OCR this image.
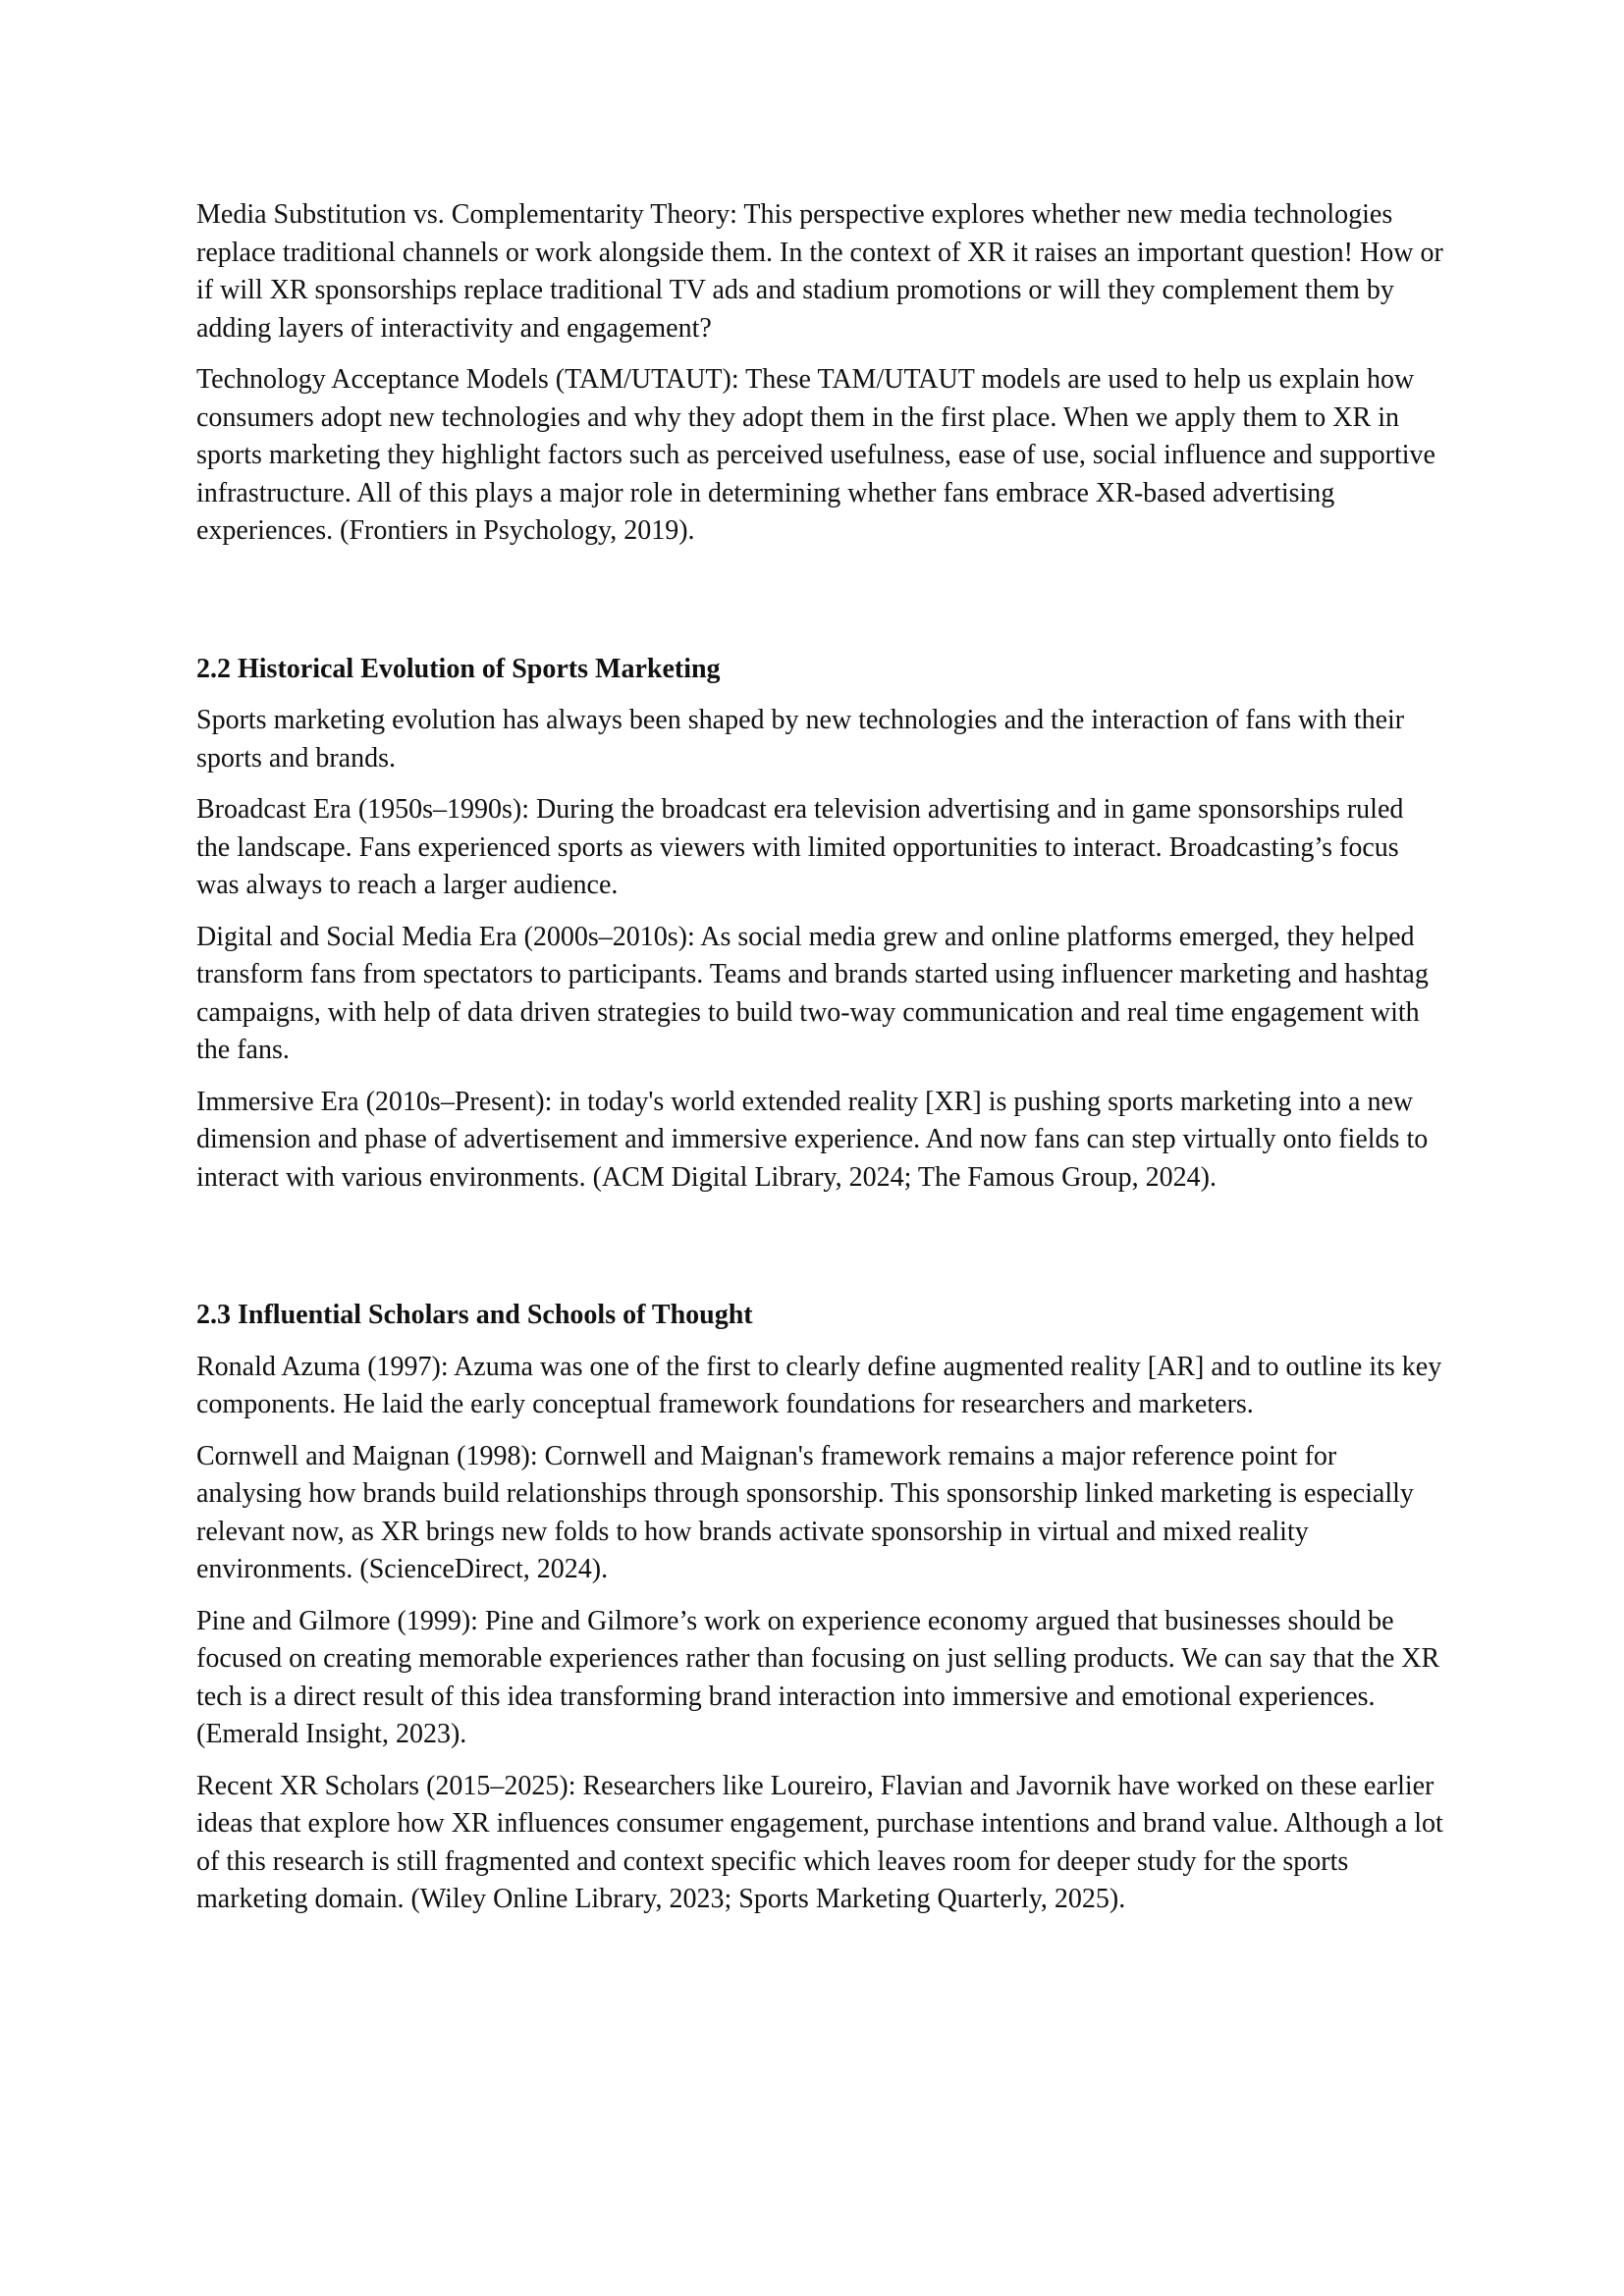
Media Substitution vs. Complementarity Theory: This perspective explores whether new media technologies replace traditional channels or work alongside them. In the context of XR it raises an important question! How or if will XR sponsorships replace traditional TV ads and stadium promotions or will they complement them by adding layers of interactivity and engagement?

Technology Acceptance Models (TAM/UTAUT): These TAM/UTAUT models are used to help us explain how consumers adopt new technologies and why they adopt them in the first place. When we apply them to XR in sports marketing they highlight factors such as perceived usefulness, ease of use, social influence and supportive infrastructure. All of this plays a major role in determining whether fans embrace XR-based advertising experiences. (Frontiers in Psychology, 2019).

2.2 Historical Evolution of Sports Marketing

Sports marketing evolution has always been shaped by new technologies and the interaction of fans with their sports and brands.

Broadcast Era (1950s–1990s): During the broadcast era television advertising and in game sponsorships ruled the landscape. Fans experienced sports as viewers with limited opportunities to interact. Broadcasting’s focus was always to reach a larger audience.

Digital and Social Media Era (2000s–2010s): As social media grew and online platforms emerged, they helped transform fans from spectators to participants. Teams and brands started using influencer marketing and hashtag campaigns, with help of data driven strategies to build two-way communication and real time engagement with the fans.

Immersive Era (2010s–Present): in today's world extended reality [XR] is pushing sports marketing into a new dimension and phase of advertisement and immersive experience. And now fans can step virtually onto fields to interact with various environments. (ACM Digital Library, 2024; The Famous Group, 2024).

2.3 Influential Scholars and Schools of Thought

Ronald Azuma (1997): Azuma was one of the first to clearly define augmented reality [AR] and to outline its key components. He laid the early conceptual framework foundations for researchers and marketers.

Cornwell and Maignan (1998): Cornwell and Maignan's framework remains a major reference point for analysing how brands build relationships through sponsorship. This sponsorship linked marketing is especially relevant now, as XR brings new folds to how brands activate sponsorship in virtual and mixed reality environments. (ScienceDirect, 2024).

Pine and Gilmore (1999): Pine and Gilmore’s work on experience economy argued that businesses should be focused on creating memorable experiences rather than focusing on just selling products. We can say that the XR tech is a direct result of this idea transforming brand interaction into immersive and emotional experiences. (Emerald Insight, 2023).

Recent XR Scholars (2015–2025): Researchers like Loureiro, Flavian and Javornik have worked on these earlier ideas that explore how XR influences consumer engagement, purchase intentions and brand value. Although a lot of this research is still fragmented and context specific which leaves room for deeper study for the sports marketing domain. (Wiley Online Library, 2023; Sports Marketing Quarterly, 2025).
